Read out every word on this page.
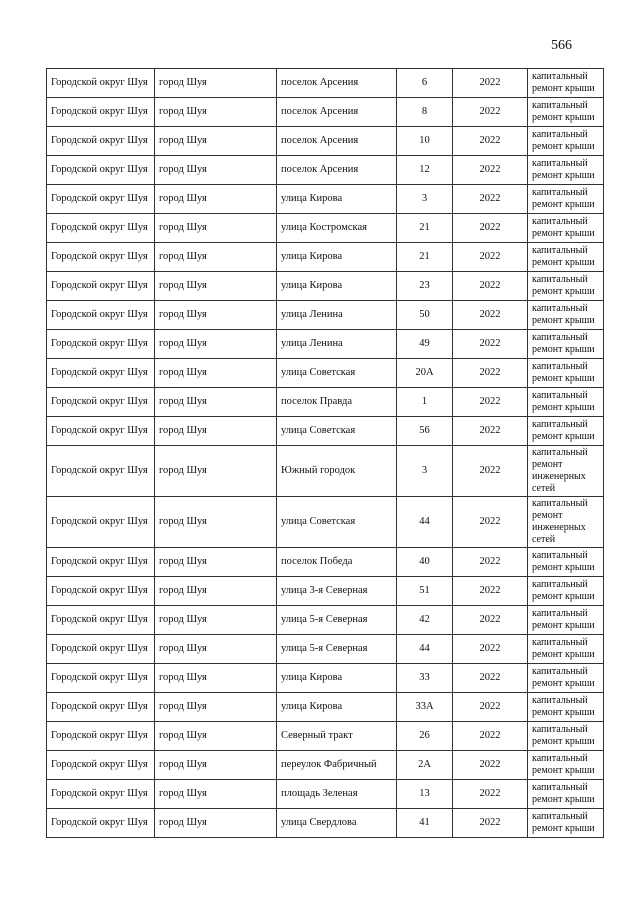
566
Городской округ Шуя	город Шуя	поселок Арсения	6	2022	капитальный ремонт крыши
Городской округ Шуя	город Шуя	поселок Арсения	8	2022	капитальный ремонт крыши
Городской округ Шуя	город Шуя	поселок Арсения	10	2022	капитальный ремонт крыши
Городской округ Шуя	город Шуя	поселок Арсения	12	2022	капитальный ремонт крыши
Городской округ Шуя	город Шуя	улица Кирова	3	2022	капитальный ремонт крыши
Городской округ Шуя	город Шуя	улица Костромская	21	2022	капитальный ремонт крыши
Городской округ Шуя	город Шуя	улица Кирова	21	2022	капитальный ремонт крыши
Городской округ Шуя	город Шуя	улица Кирова	23	2022	капитальный ремонт крыши
Городской округ Шуя	город Шуя	улица Ленина	50	2022	капитальный ремонт крыши
Городской округ Шуя	город Шуя	улица Ленина	49	2022	капитальный ремонт крыши
Городской округ Шуя	город Шуя	улица Советская	20А	2022	капитальный ремонт крыши
Городской округ Шуя	город Шуя	поселок Правда	1	2022	капитальный ремонт крыши
Городской округ Шуя	город Шуя	улица Советская	56	2022	капитальный ремонт крыши
Городской округ Шуя	город Шуя	Южный городок	3	2022	капитальный ремонт инженерных сетей
Городской округ Шуя	город Шуя	улица Советская	44	2022	капитальный ремонт инженерных сетей
Городской округ Шуя	город Шуя	поселок Победа	40	2022	капитальный ремонт крыши
Городской округ Шуя	город Шуя	улица 3-я Северная	51	2022	капитальный ремонт крыши
Городской округ Шуя	город Шуя	улица 5-я Северная	42	2022	капитальный ремонт крыши
Городской округ Шуя	город Шуя	улица 5-я Северная	44	2022	капитальный ремонт крыши
Городской округ Шуя	город Шуя	улица Кирова	33	2022	капитальный ремонт крыши
Городской округ Шуя	город Шуя	улица Кирова	33А	2022	капитальный ремонт крыши
Городской округ Шуя	город Шуя	Северный тракт	26	2022	капитальный ремонт крыши
Городской округ Шуя	город Шуя	переулок Фабричный	2А	2022	капитальный ремонт крыши
Городской округ Шуя	город Шуя	площадь Зеленая	13	2022	капитальный ремонт крыши
Городской округ Шуя	город Шуя	улица Свердлова	41	2022	капитальный ремонт крыши
